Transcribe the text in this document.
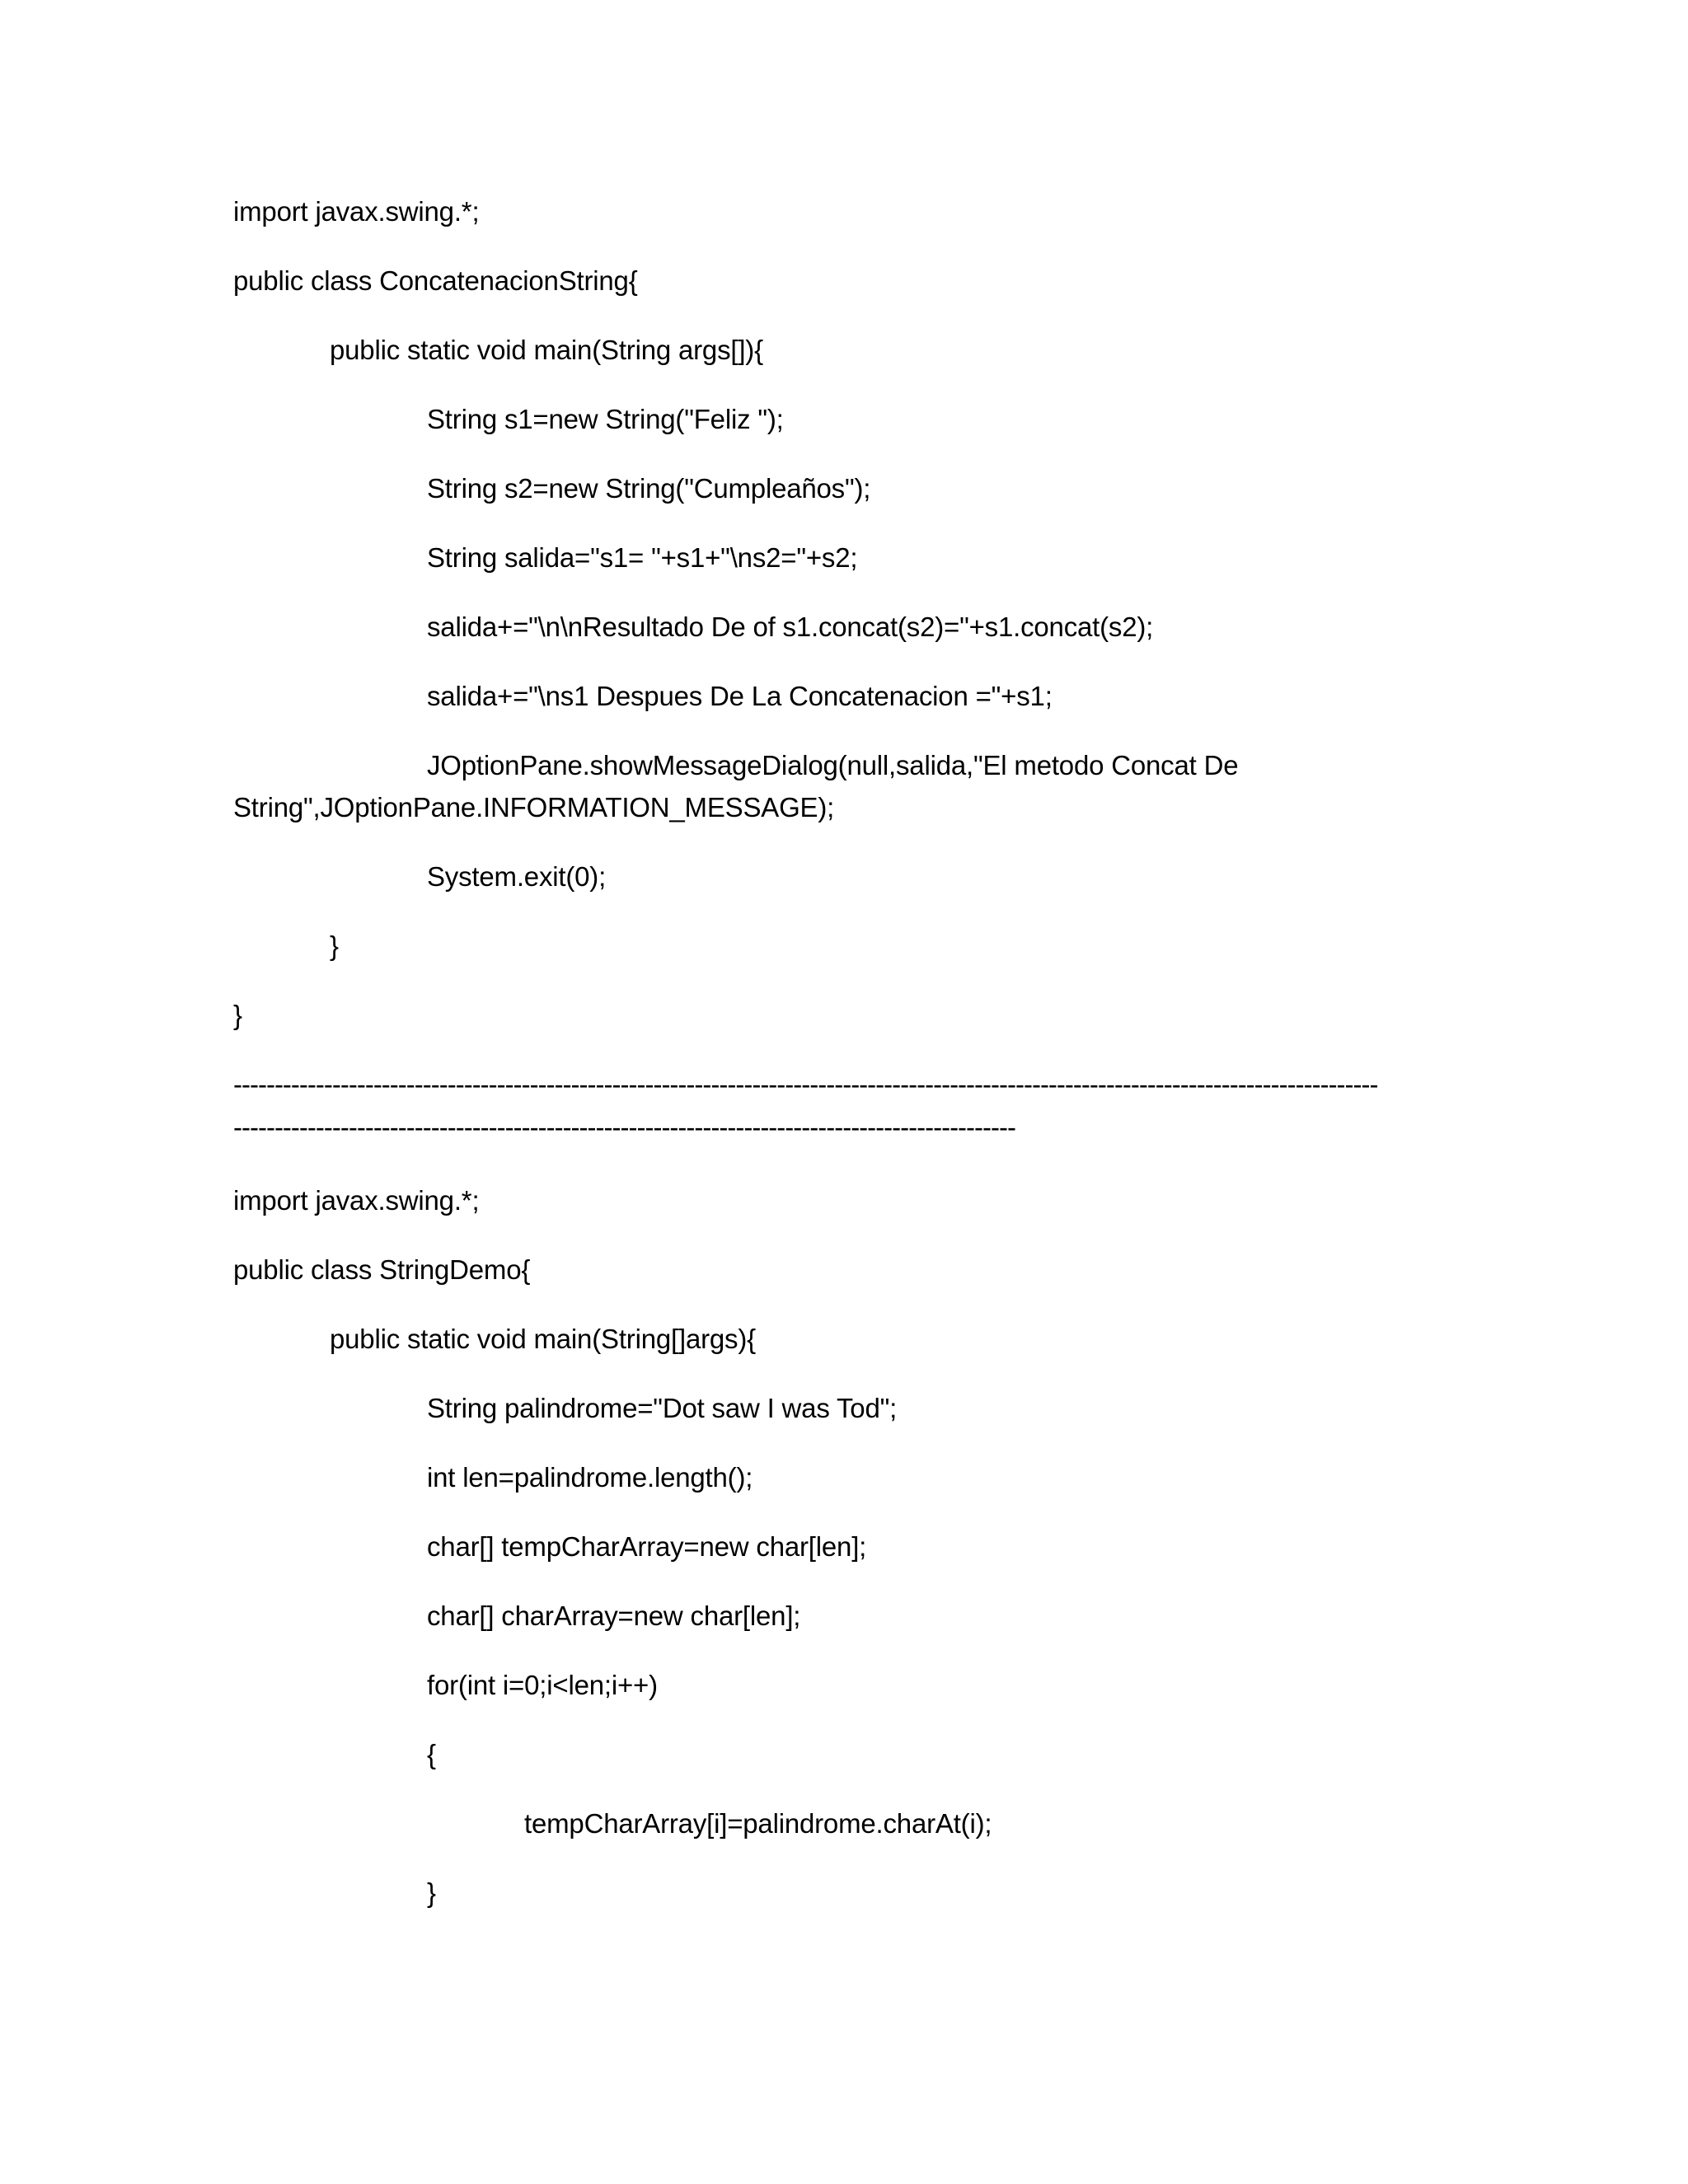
import javax.swing.*;
public class ConcatenacionString{
public static void main(String args[]){
String s1=new String("Feliz ");
String s2=new String("Cumpleaños");
String salida="s1= "+s1+"\ns2="+s2;
salida+="\n\nResultado De of s1.concat(s2)="+s1.concat(s2);
salida+="\ns1 Despues De La Concatenacion ="+s1;
JOptionPane.showMessageDialog(null,salida,"El metodo Concat De
String",JOptionPane.INFORMATION_MESSAGE);
System.exit(0);
}
}
-------------------------------------------------------------------------------------------------------------------------------------------
-----------------------------------------------------------------------------------------------
import javax.swing.*;
public class StringDemo{
public static void main(String[]args){
String palindrome="Dot saw I was Tod";
int len=palindrome.length();
char[] tempCharArray=new char[len];
char[] charArray=new char[len];
for(int i=0;i<len;i++)
{
tempCharArray[i]=palindrome.charAt(i);
}
